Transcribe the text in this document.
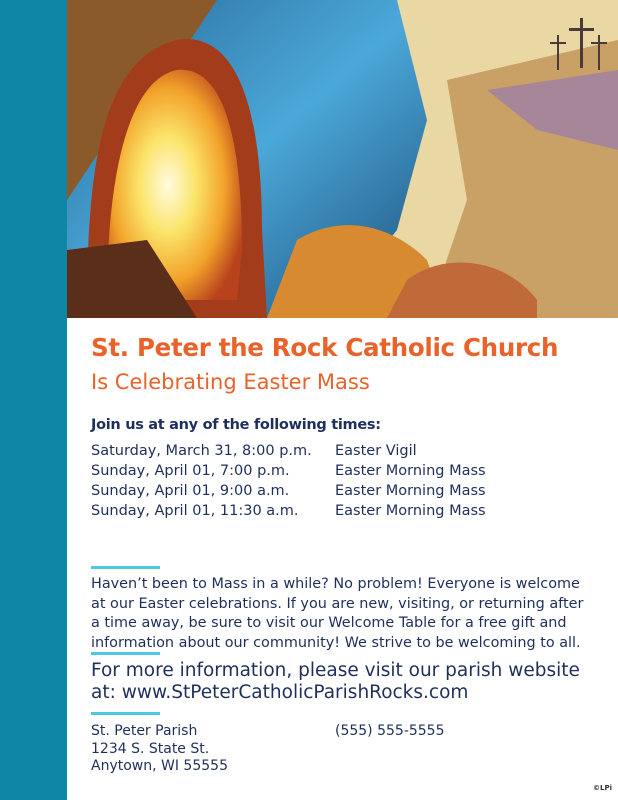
St. Peter the Rock Catholic Church
Is Celebrating Easter Mass
Join us at any of the following times:
Saturday, March 31, 8:00 p.m. Easter Vigil
Sunday, April 01, 7:00 p.m.	Easter Morning Mass
Sunday, April 01, 9:00 a.m.	Easter Morning Mass
Sunday, April 01, 11:30 a.m.	Easter Morning Mass
Haven’t been to Mass in a while? No problem! Everyone is welcome
at our Easter celebrations. If you are new, visiting, or returning after
a time away, be sure to visit our Welcome Table for a free gift and
information about our community! We strive to be welcoming to all.
For more information, please visit our parish website
at: www.StPeterCatholicParishRocks.com
St. Peter Parish
1234 S. State St.
Anytown, WI 55555
(555) 555-5555
©LPi
